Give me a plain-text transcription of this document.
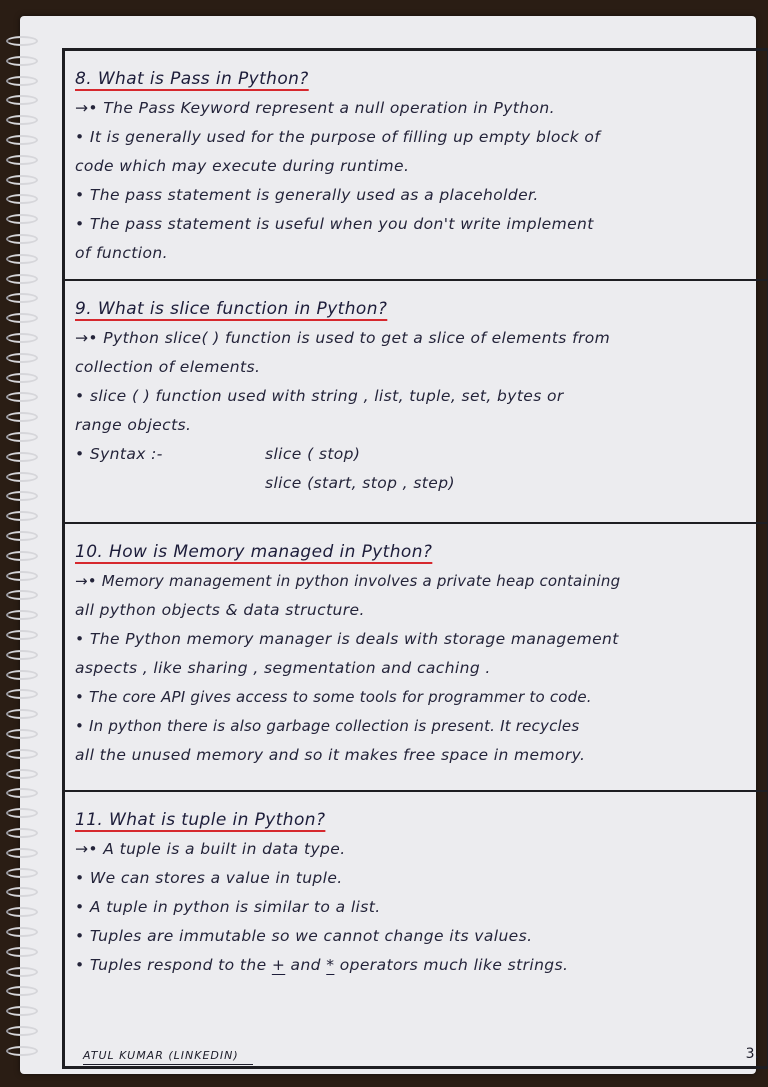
8. What is Pass in Python?

→• The Pass Keyword represent a null operation in Python.

• It is generally used for the purpose of filling up empty block of

code which may execute during runtime.

• The pass statement is generally used as a placeholder.

• The pass statement is useful when you don't write implement

of function.

9. What is slice function in Python?

→• Python slice( ) function is used to get a slice of elements from

collection of elements.

• slice ( ) function used with string , list, tuple, set, bytes or

range objects.

• Syntax :-	slice ( stop)

slice (start, stop , step)

10. How is Memory managed in Python?

→• Memory management in python involves a private heap containing

all python objects & data structure.

• The Python memory manager is deals with storage management

aspects , like sharing , segmentation and caching .

• The core API gives access to some tools for programmer to code.

• In python there is also garbage collection is present. It recycles

all the unused memory and so it makes free space in memory.

11. What is tuple in Python?

→• A tuple is a built in data type.

• We can stores a value in tuple.

• A tuple in python is similar to a list.

• Tuples are immutable so we cannot change its values.

• Tuples respond to the + and * operators much like strings.

ATUL KUMAR (LINKEDIN)	3.
